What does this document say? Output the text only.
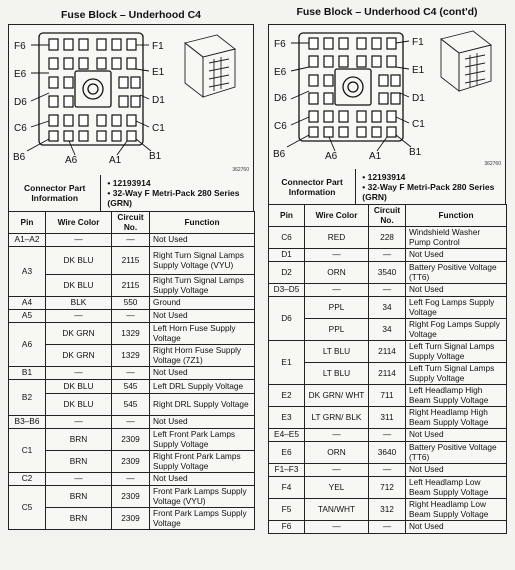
Fuse Block – Underhood C4
F6	F1
E6	E1
D6	D1
C6	C1
B6	A6	A1	B1
362760
Connector Part Information
• 12193914
• 32-Way F Metri-Pack 280 Series (GRN)
Pin	Wire Color	Circuit No.	Function
A1–A2	—	—	Not Used
A3	DK BLU	2115	Right Turn Signal Lamps Supply Voltage (VYU)
	DK BLU	2115	Right Turn Signal Lamps Supply Voltage
A4	BLK	550	Ground
A5	—	—	Not Used
A6	DK GRN	1329	Left Horn Fuse Supply Voltage
	DK GRN	1329	Right Horn Fuse Supply Voltage (7Z1)
B1	—	—	Not Used
B2	DK BLU	545	Left DRL Supply Voltage
	DK BLU	545	Right DRL Supply Voltage
B3–B6	—	—	Not Used
C1	BRN	2309	Left Front Park Lamps Supply Voltage
	BRN	2309	Right Front Park Lamps Supply Voltage
C2	—	—	Not Used
C5	BRN	2309	Front Park Lamps Supply Voltage (VYU)
	BRN	2309	Front Park Lamps Supply Voltage
Fuse Block – Underhood C4 (cont'd)
F6	F1
E6	E1
D6	D1
C6	C1
B6	A6	A1	B1
362760
Connector Part Information
• 12193914
• 32-Way F Metri-Pack 280 Series (GRN)
Pin	Wire Color	Circuit No.	Function
C6	RED	228	Windshield Washer Pump Control
D1	—	—	Not Used
D2	ORN	3540	Battery Positive Voltage (TT6)
D3–D5	—	—	Not Used
D6	PPL	34	Left Fog Lamps Supply Voltage
	PPL	34	Right Fog Lamps Supply Voltage
E1	LT BLU	2114	Left Turn Signal Lamps Supply Voltage
	LT BLU	2114	Left Turn Signal Lamps Supply Voltage
E2	DK GRN/ WHT	711	Left Headlamp High Beam Supply Voltage
E3	LT GRN/ BLK	311	Right Headlamp High Beam Supply Voltage
E4–E5	—	—	Not Used
E6	ORN	3640	Battery Positive Voltage (TT6)
F1–F3	—	—	Not Used
F4	YEL	712	Left Headlamp Low Beam Supply Voltage
F5	TAN/WHT	312	Right Headlamp Low Beam Supply Voltage
F6	—	—	Not Used
